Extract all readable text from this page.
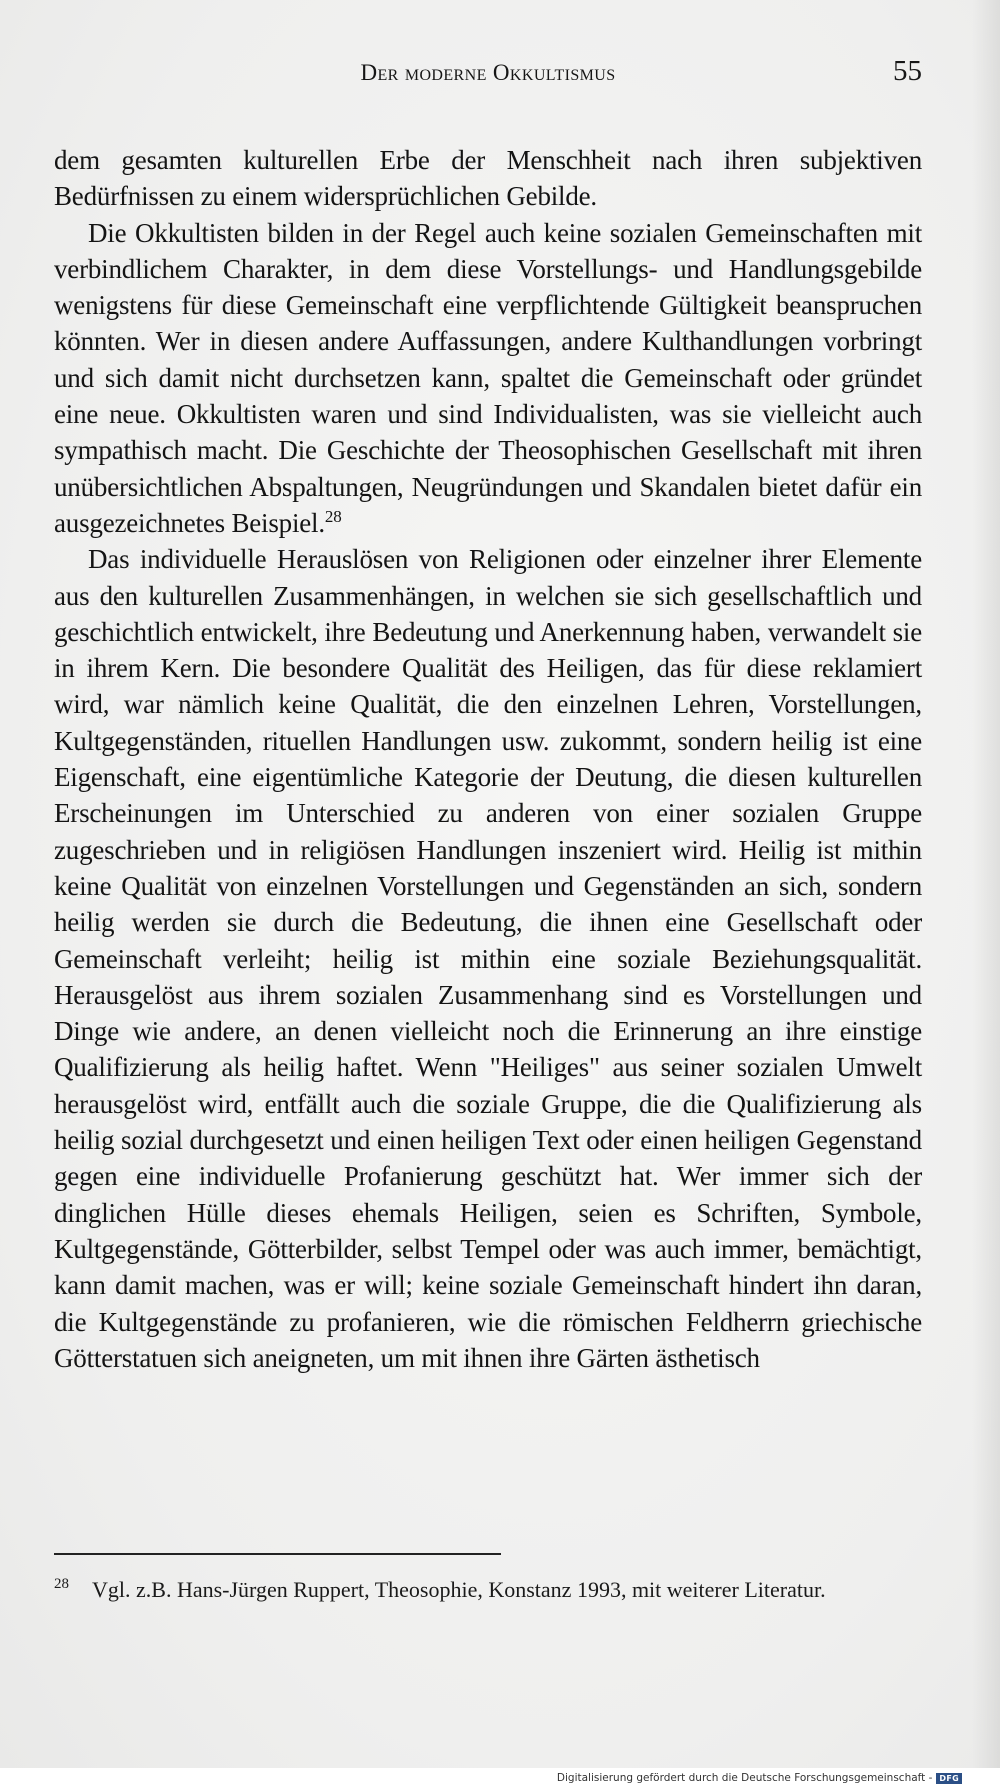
Der moderne Okkultismus	55

dem gesamten kulturellen Erbe der Menschheit nach ihren subjektiven Bedürfnissen zu einem widersprüchlichen Gebilde.

Die Okkultisten bilden in der Regel auch keine sozialen Gemeinschaften mit verbindlichem Charakter, in dem diese Vorstellungs- und Handlungsgebilde wenigstens für diese Gemeinschaft eine verpflichtende Gültigkeit beanspruchen könnten. Wer in diesen andere Auffassungen, andere Kulthandlungen vorbringt und sich damit nicht durchsetzen kann, spaltet die Gemeinschaft oder gründet eine neue. Okkultisten waren und sind Individualisten, was sie vielleicht auch sympathisch macht. Die Geschichte der Theosophischen Gesellschaft mit ihren unübersichtlichen Abspaltungen, Neugründungen und Skandalen bietet dafür ein ausgezeichnetes Beispiel.$^{28}$

Das individuelle Herauslösen von Religionen oder einzelner ihrer Elemente aus den kulturellen Zusammenhängen, in welchen sie sich gesellschaftlich und geschichtlich entwickelt, ihre Bedeutung und Anerkennung haben, verwandelt sie in ihrem Kern. Die besondere Qualität des Heiligen, das für diese reklamiert wird, war nämlich keine Qualität, die den einzelnen Lehren, Vorstellungen, Kultgegenständen, rituellen Handlungen usw. zukommt, sondern heilig ist eine Eigenschaft, eine eigentümliche Kategorie der Deutung, die diesen kulturellen Erscheinungen im Unterschied zu anderen von einer sozialen Gruppe zugeschrieben und in religiösen Handlungen inszeniert wird. Heilig ist mithin keine Qualität von einzelnen Vorstellungen und Gegenständen an sich, sondern heilig werden sie durch die Bedeutung, die ihnen eine Gesellschaft oder Gemeinschaft verleiht; heilig ist mithin eine soziale Beziehungsqualität. Herausgelöst aus ihrem sozialen Zusammenhang sind es Vorstellungen und Dinge wie andere, an denen vielleicht noch die Erinnerung an ihre einstige Qualifizierung als heilig haftet. Wenn "Heiliges" aus seiner sozialen Umwelt herausgelöst wird, entfällt auch die soziale Gruppe, die die Qualifizierung als heilig sozial durchgesetzt und einen heiligen Text oder einen heiligen Gegenstand gegen eine individuelle Profanierung geschützt hat. Wer immer sich der dinglichen Hülle dieses ehemals Heiligen, seien es Schriften, Symbole, Kultgegenstände, Götterbilder, selbst Tempel oder was auch immer, bemächtigt, kann damit machen, was er will; keine soziale Gemeinschaft hindert ihn daran, die Kultgegenstände zu profanieren, wie die römischen Feldherrn griechische Götterstatuen sich aneigneten, um mit ihnen ihre Gärten ästhetisch

28 Vgl. z.B. Hans-Jürgen Ruppert, Theosophie, Konstanz 1993, mit weiterer Literatur.
Digitalisierung gefördert durch die Deutsche Forschungsgemeinschaft - DFG
